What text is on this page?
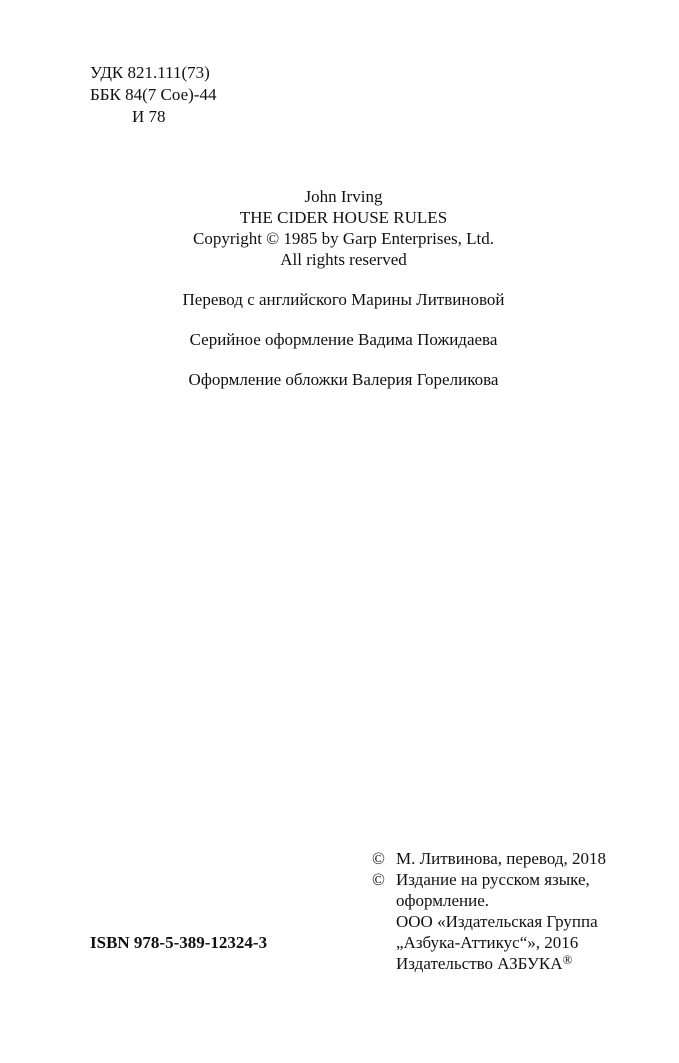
УДК 821.111(73)
ББК 84(7 Сое)-44
И 78
John Irving
THE CIDER HOUSE RULES
Copyright © 1985 by Garp Enterprises, Ltd.
All rights reserved
Перевод с английского Марины Литвиновой
Серийное оформление Вадима Пожидаева
Оформление обложки Валерия Гореликова
© М. Литвинова, перевод, 2018
© Издание на русском языке,
оформление.
ООО «Издательская Группа
„Азбука-Аттикус“», 2016
Издательство АЗБУКА®
ISBN 978-5-389-12324-3
